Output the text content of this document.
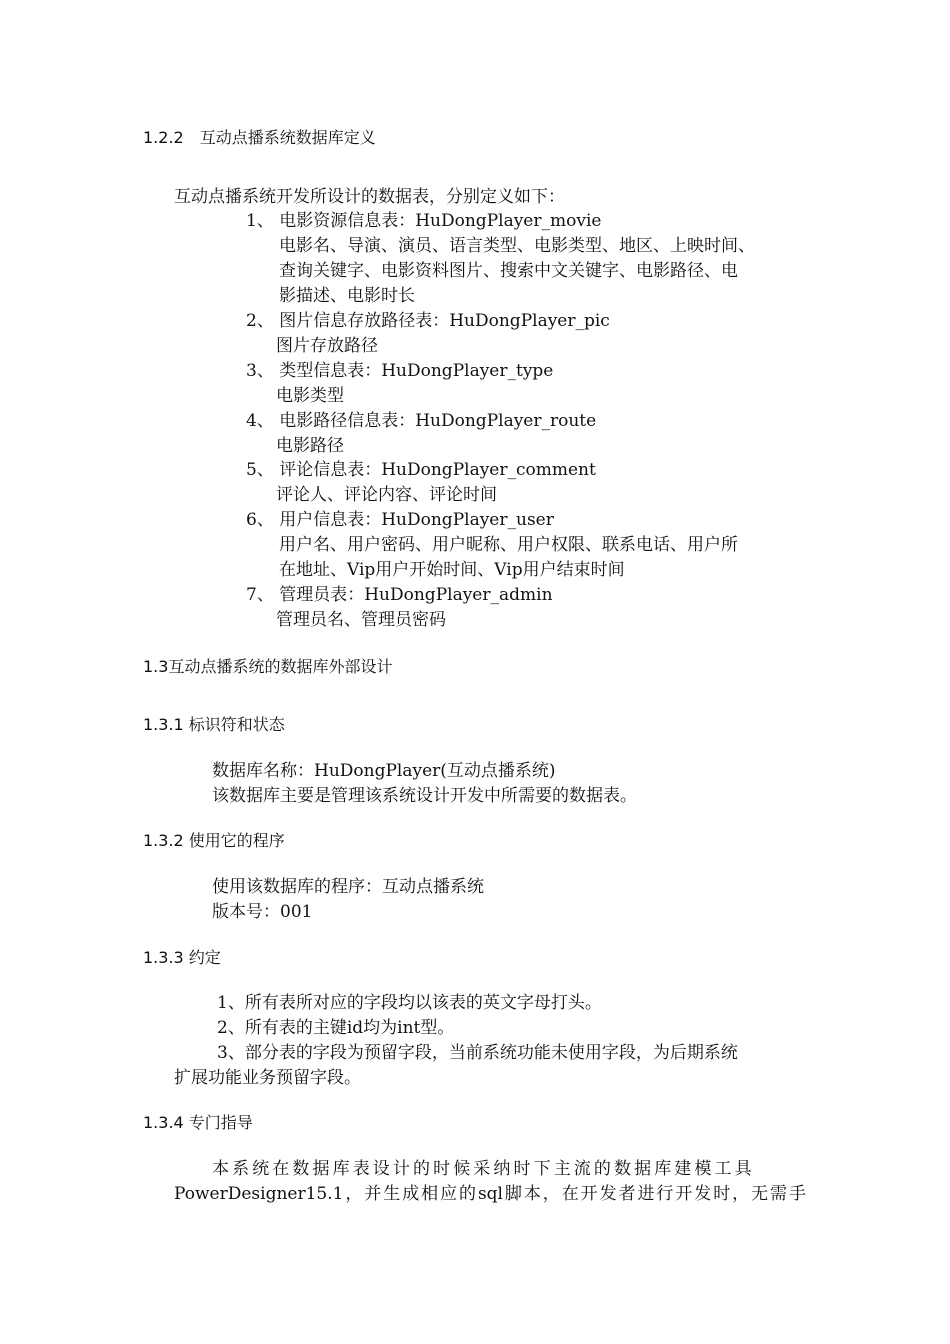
1.2.2　互动点播系统数据库定义
互动点播系统开发所设计的数据表，分别定义如下：
1、 电影资源信息表：HuDongPlayer_movie
电影名、导演、演员、语言类型、电影类型、地区、上映时间、
查询关键字、电影资料图片、搜索中文关键字、电影路径、电
影描述、电影时长
2、 图片信息存放路径表：HuDongPlayer_pic
图片存放路径
3、 类型信息表：HuDongPlayer_type
电影类型
4、 电影路径信息表：HuDongPlayer_route
电影路径
5、 评论信息表：HuDongPlayer_comment
评论人、评论内容、评论时间
6、 用户信息表：HuDongPlayer_user
用户名、用户密码、用户昵称、用户权限、联系电话、用户所
在地址、Vip用户开始时间、Vip用户结束时间
7、 管理员表：HuDongPlayer_admin
管理员名、管理员密码
1.3互动点播系统的数据库外部设计
1.3.1 标识符和状态
数据库名称：HuDongPlayer(互动点播系统)
该数据库主要是管理该系统设计开发中所需要的数据表。
1.3.2 使用它的程序
使用该数据库的程序：互动点播系统
版本号：001
1.3.3 约定
1、所有表所对应的字段均以该表的英文字母打头。
2、所有表的主键id均为int型。
3、部分表的字段为预留字段，当前系统功能未使用字段，为后期系统
扩展功能业务预留字段。
1.3.4 专门指导
本系统在数据库表设计的时候采纳时下主流的数据库建模工具
PowerDesigner15.1，并生成相应的sql脚本，在开发者进行开发时，无需手
